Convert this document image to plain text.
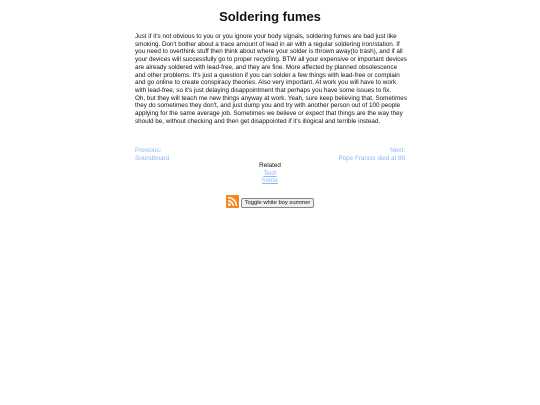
Soldering fumes

Just if it's not obvious to you or you ignore your body signals, soldering fumes are bad just like smoking. Don't bother about a trace amount of lead in air with a regular soldering iron/station. If you need to overthink stuff then think about where your solder is thrown away(to trash), and if all your devices will successfully go to proper recycling. BTW all your expensive or important devices are already soldered with lead-free, and they are fine. More affected by planned obsolescence and other problems. It's just a question if you can solder a few things with lead-free or complain and go online to create conspiracy theories. Also very important. At work you will have to work with lead-free, so it's just delaying disappointment that perhaps you have some issues to fix.

Oh, but they will teach me new things anyway at work. Yeah, sure keep believing that. Sometimes they do sometimes they don't, and just dump you and try with another person out of 100 people applying for the same average job. Sometimes we believe or expect that things are the way they should be, without checking and then get disappointed if it's illogical and terrible instead.

Previous:
Soundboard
Next:
Pope Francis died at 88
Related
Tech
home
Toggle white boy summer
